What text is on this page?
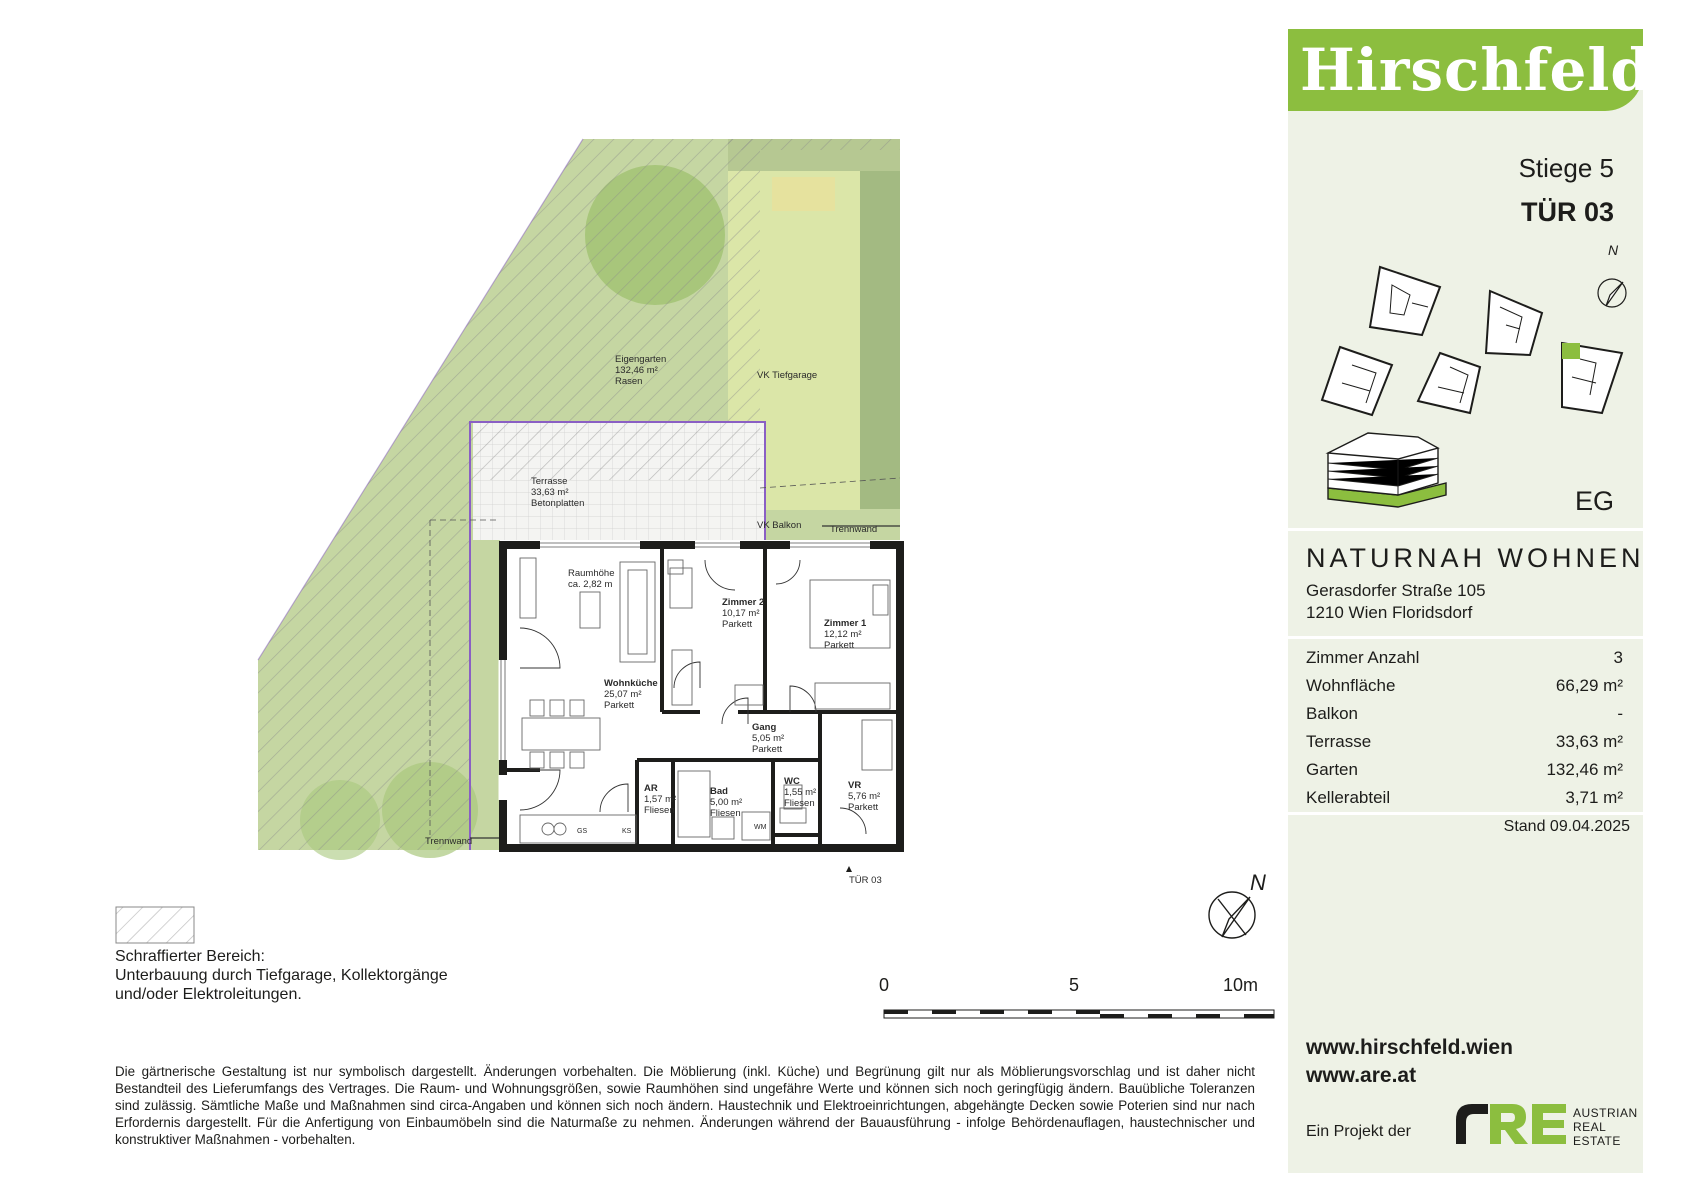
Eigengarten
132,46 m²
Rasen
VK Tiefgarage
Terrasse
33,63 m²
Betonplatten
VK Balkon	Trennwand
Trennwand
Raumhöhe
ca. 2,82 m
Wohnküche
25,07 m²
Parkett
Zimmer 2
10,17 m²
Parkett	Zimmer 1
12,12 m²
Parkett
Gang
5,05 m²
Parkett
AR
1,57 m²
Fliesen
Bad
5,00 m²
Fliesen
WC
1,55 m²
Fliesen
VR
5,76 m²
Parkett
GS	KS
WM
TÜR 03	N
Schraffierter Bereich:
Unterbauung durch Tiefgarage, Kollektorgänge
und/oder Elektroleitungen.	0	5	10m
Die gärtnerische Gestaltung ist nur symbolisch dargestellt. Änderungen vorbehalten. Die Möblierung (inkl. Küche) und Begrünung gilt nur als Möblierungsvorschlag und ist daher nicht Bestandteil des Lieferumfangs des Vertrages. Die Raum- und Wohnungsgrößen, sowie Raumhöhen sind ungefähre Werte und können sich noch geringfügig ändern. Bauübliche Toleranzen sind zulässig. Sämtliche Maße und Maßnahmen sind circa-Angaben und können sich noch ändern. Haustechnik und Elektroeinrichtungen, abgehängte Decken sowie Poterien sind nur nach Erfordernis dargestellt. Für die Anfertigung von Einbaumöbeln sind die Naturmaße zu nehmen. Änderungen während der Bauausführung - infolge Behördenauflagen, haustechnischer und konstruktiver Maßnahmen - vorbehalten.
Hirschfeld
Stiege 5
TÜR 03
N
EG
NATURNAH WOHNEN
Gerasdorfer Straße 105
1210 Wien Floridsdorf
Zimmer Anzahl	3
Wohnfläche	66,29 m²
Balkon	-
Terrasse	33,63 m²
Garten	132,46 m²
Kellerabteil	3,71 m²
Stand 09.04.2025
www.hirschfeld.wien
www.are.at
Ein Projekt der
AUSTRIAN
REAL
ESTATE
